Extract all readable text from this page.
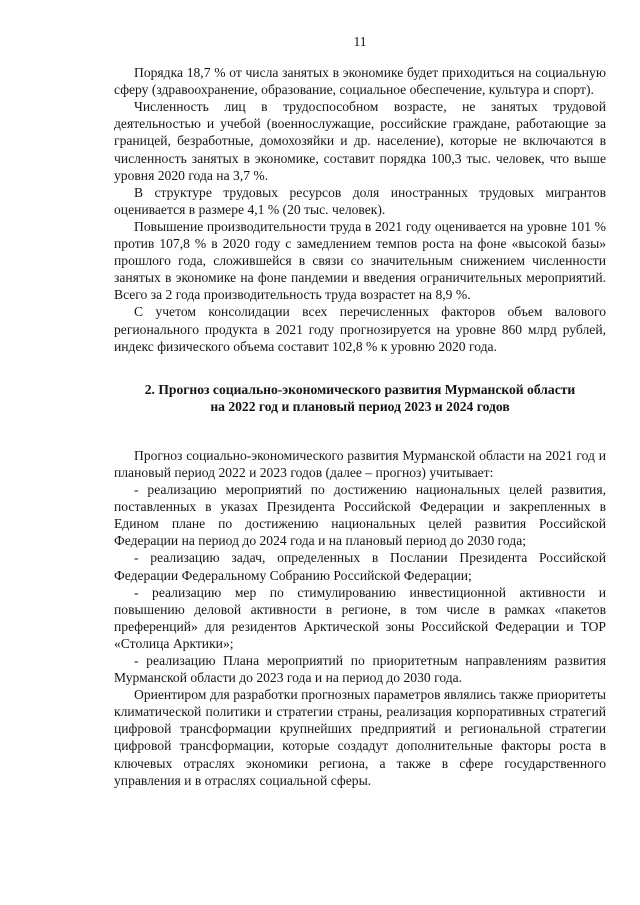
11

Порядка 18,7 % от числа занятых в экономике будет приходиться на социальную сферу (здравоохранение, образование, социальное обеспечение, культура и спорт).

Численность лиц в трудоспособном возрасте, не занятых трудовой деятельностью и учебой (военнослужащие, российские граждане, работающие за границей, безработные, домохозяйки и др. население), которые не включаются в численность занятых в экономике, составит порядка 100,3 тыс. человек, что выше уровня 2020 года на 3,7 %.

В структуре трудовых ресурсов доля иностранных трудовых мигрантов оценивается в размере 4,1 % (20 тыс. человек).

Повышение производительности труда в 2021 году оценивается на уровне 101 % против 107,8 % в 2020 году с замедлением темпов роста на фоне «высокой базы» прошлого года, сложившейся в связи со значительным снижением численности занятых в экономике на фоне пандемии и введения ограничительных мероприятий. Всего за 2 года производительность труда возрастет на 8,9 %.

С учетом консолидации всех перечисленных факторов объем валового регионального продукта в 2021 году прогнозируется на уровне 860 млрд рублей, индекс физического объема составит 102,8 % к уровню 2020 года.

2. Прогноз социально-экономического развития Мурманской области
на 2022 год и плановый период 2023 и 2024 годов

Прогноз социально-экономического развития Мурманской области на 2021 год и плановый период 2022 и 2023 годов (далее – прогноз) учитывает:

- реализацию мероприятий по достижению национальных целей развития, поставленных в указах Президента Российской Федерации и закрепленных в Едином плане по достижению национальных целей развития Российской Федерации на период до 2024 года и на плановый период до 2030 года;

- реализацию задач, определенных в Послании Президента Российской Федерации Федеральному Собранию Российской Федерации;

- реализацию мер по стимулированию инвестиционной активности и повышению деловой активности в регионе, в том числе в рамках «пакетов преференций» для резидентов Арктической зоны Российской Федерации и ТОР «Столица Арктики»;

- реализацию Плана мероприятий по приоритетным направлениям развития Мурманской области до 2023 года и на период до 2030 года.

Ориентиром для разработки прогнозных параметров являлись также приоритеты климатической политики и стратегии страны, реализация корпоративных стратегий цифровой трансформации крупнейших предприятий и региональной стратегии цифровой трансформации, которые создадут дополнительные факторы роста в ключевых отраслях экономики региона, а также в сфере государственного управления и в отраслях социальной сферы.
